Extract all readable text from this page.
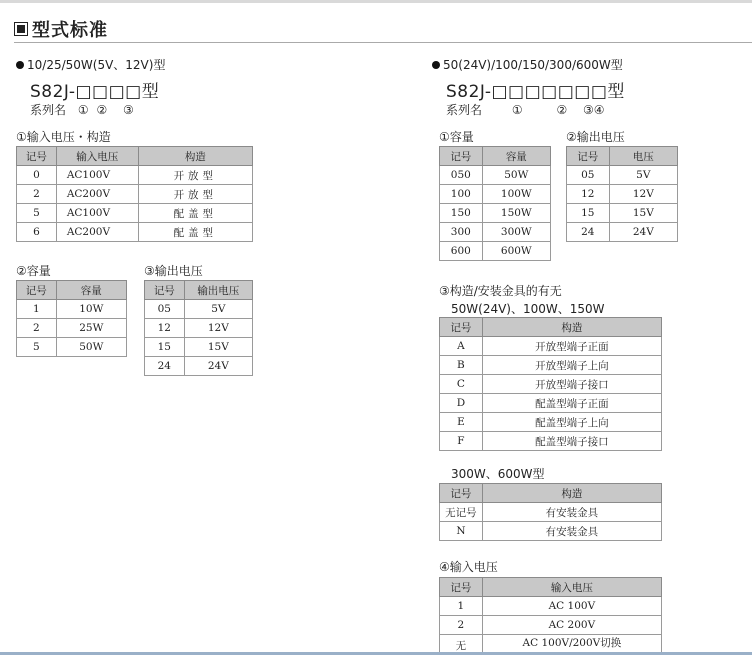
型式标准
10/25/50W(5V、12V)型
S82J-□□□□型
系列名 ① ② ③
①输入电压・构造
记号	输入电压	构造
0	AC100V	开放型
2	AC200V	开放型
5	AC100V	配盖型
6	AC200V	配盖型
②容量
记号	容量
1	10W
2	25W
5	50W
③输出电压
记号	输出电压
05	5V
12	12V
15	15V
24	24V
50(24V)/100/150/300/600W型
S82J-□□□□□□□型
系列名 ①	② ③④
①容量
记号	容量
050	50W
100	100W
150	150W
300	300W
600	600W
②输出电压
记号	电压
05	5V
12	12V
15	15V
24	24V
③构造/安装金具的有无
50W(24V)、100W、150W
记号	构造
A	开放型端子正面
B	开放型端子上向
C	开放型端子接口
D	配盖型端子正面
E	配盖型端子上向
F	配盖型端子接口
300W、600W型
记号	构造
无记号	有安装金具
N	有安装金具
④输入电压
记号	输入电压
1	AC 100V
2	AC 200V
无	AC 100V/200V切换
